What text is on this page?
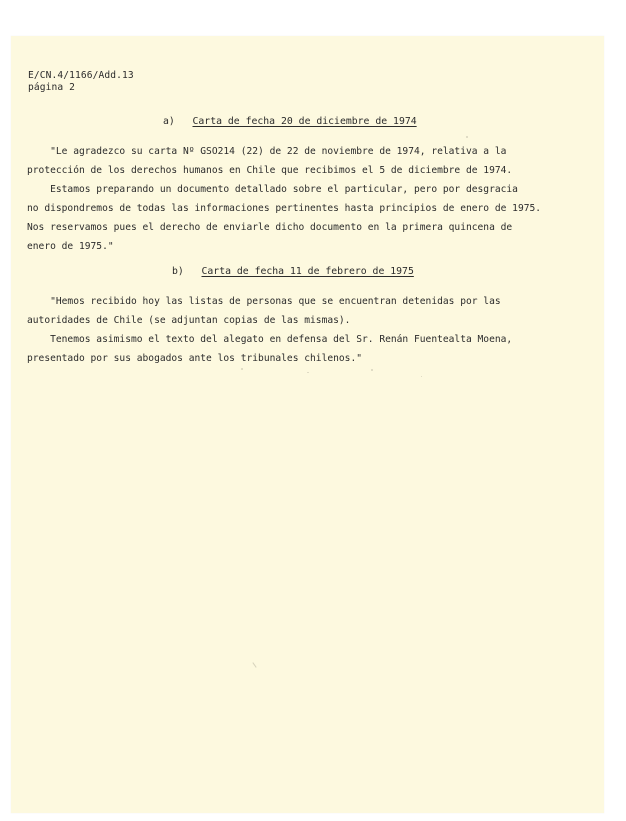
E/CN.4/1166/Add.13
página 2
a) Carta de fecha 20 de diciembre de 1974
"Le agradezco su carta Nº GSO214 (22) de 22 de noviembre de 1974, relativa a la
protección de los derechos humanos en Chile que recibimos el 5 de diciembre de 1974.
Estamos preparando un documento detallado sobre el particular, pero por desgracia
no dispondremos de todas las informaciones pertinentes hasta principios de enero de 1975.
Nos reservamos pues el derecho de enviarle dicho documento en la primera quincena de
enero de 1975."
b) Carta de fecha 11 de febrero de 1975
"Hemos recibido hoy las listas de personas que se encuentran detenidas por las
autoridades de Chile (se adjuntan copias de las mismas).
Tenemos asimismo el texto del alegato en defensa del Sr. Renán Fuentealta Moena,
presentado por sus abogados ante los tribunales chilenos."
